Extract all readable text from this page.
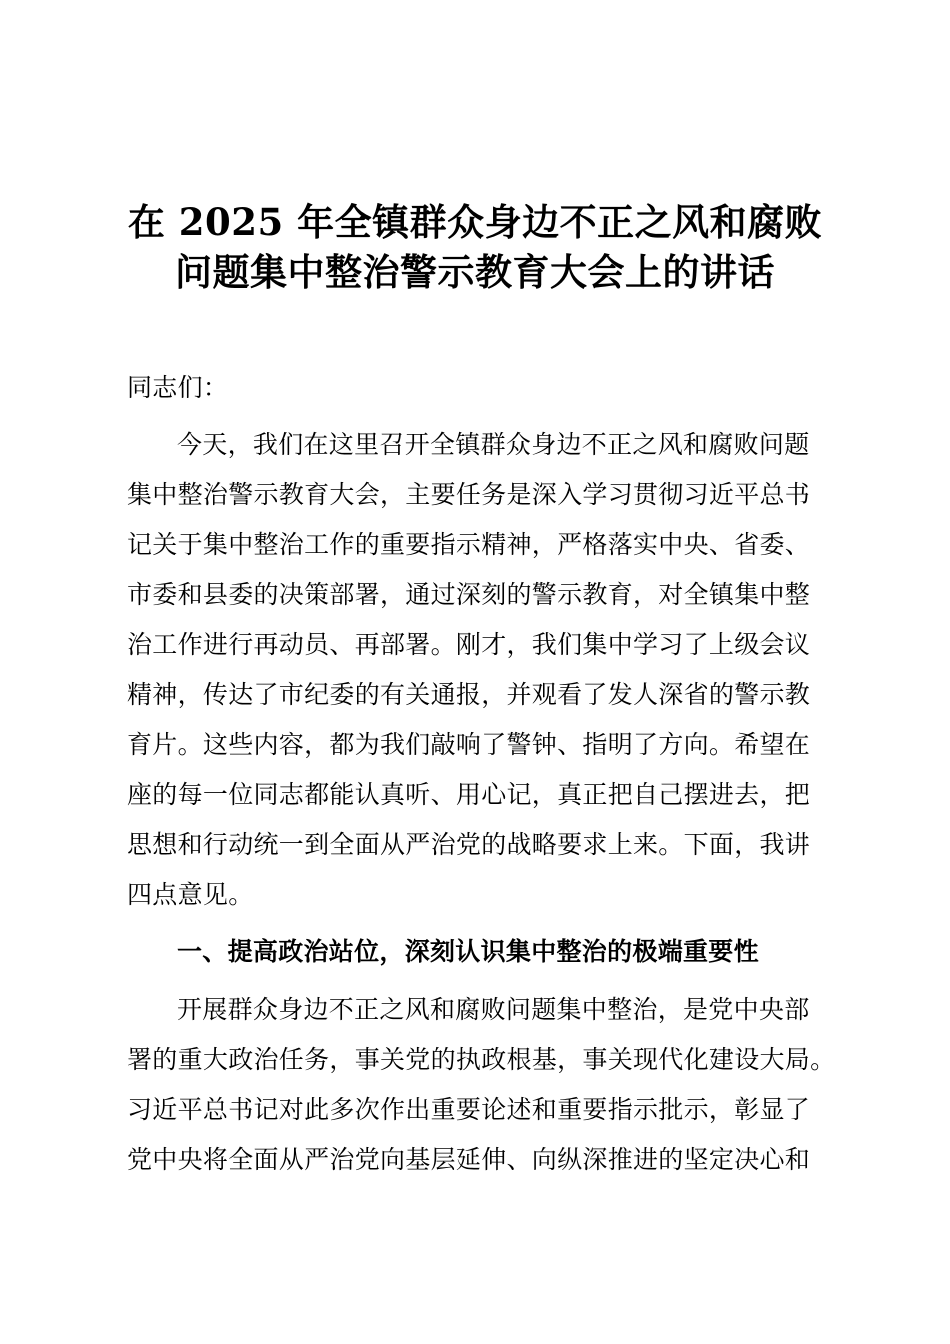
在 2025 年全镇群众身边不正之风和腐败
问题集中整治警示教育大会上的讲话
同志们：
今天，我们在这里召开全镇群众身边不正之风和腐败问题
集中整治警示教育大会，主要任务是深入学习贯彻习近平总书
记关于集中整治工作的重要指示精神，严格落实中央、省委、
市委和县委的决策部署，通过深刻的警示教育，对全镇集中整
治工作进行再动员、再部署。刚才，我们集中学习了上级会议
精神，传达了市纪委的有关通报，并观看了发人深省的警示教
育片。这些内容，都为我们敲响了警钟、指明了方向。希望在
座的每一位同志都能认真听、用心记，真正把自己摆进去，把
思想和行动统一到全面从严治党的战略要求上来。下面，我讲
四点意见。
一、提高政治站位，深刻认识集中整治的极端重要性
开展群众身边不正之风和腐败问题集中整治，是党中央部
署的重大政治任务，事关党的执政根基，事关现代化建设大局。
习近平总书记对此多次作出重要论述和重要指示批示，彰显了
党中央将全面从严治党向基层延伸、向纵深推进的坚定决心和
